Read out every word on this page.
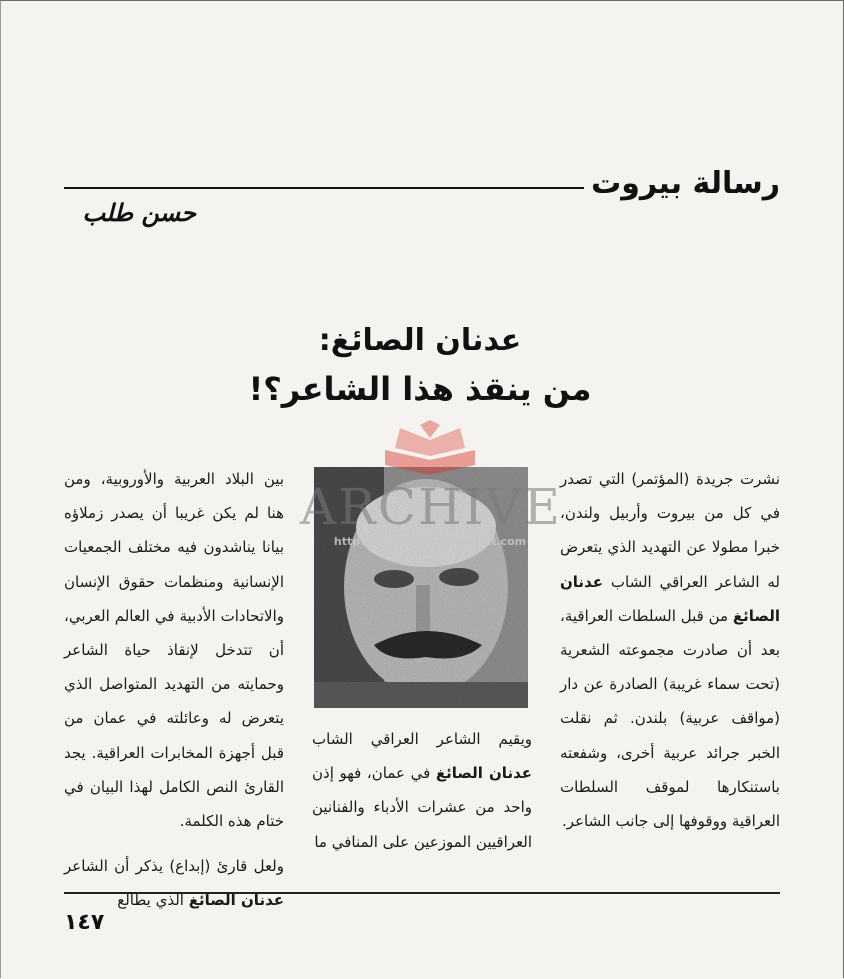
رسالة بيروت
حسن طلب
عدنان الصائغ:
من ينقذ هذا الشاعر؟!

نشرت جريدة (المؤتمر) التي تصدر في كل من بيروت وأربيل ولندن، خبرا مطولا عن التهديد الذي يتعرض له الشاعر العراقي الشاب عدنان الصائغ من قبل السلطات العراقية، بعد أن صادرت مجموعته الشعرية (تحت سماء غريبة) الصادرة عن دار (مواقف عربية) بلندن. ثم نقلت الخبر جرائد عربية أخرى، وشفعته باستنكارها لموقف السلطات العراقية ووقوفها إلى جانب الشاعر.

ARCHIVE
http://Archivebeta.Sakhrit.com

ويقيم الشاعر العراقي الشاب عدنان الصائغ في عمان، فهو إذن واحد من عشرات الأدباء والفنانين العراقيين الموزعين على المنافي ما

بين البلاد العربية والأوروبية، ومن هنا لم يكن غريبا أن يصدر زملاؤه بيانا يناشدون فيه مختلف الجمعيات الإنسانية ومنظمات حقوق الإنسان والاتحادات الأدبية في العالم العربي، أن تتدخل لإنقاذ حياة الشاعر وحمايته من التهديد المتواصل الذي يتعرض له وعائلته في عمان من قبل أجهزة المخابرات العراقية. يجد القارئ النص الكامل لهذا البيان في ختام هذه الكلمة.

ولعل قارئ (إبداع) يذكر أن الشاعر عدنان الصائغ الذي يطالع

١٤٧
